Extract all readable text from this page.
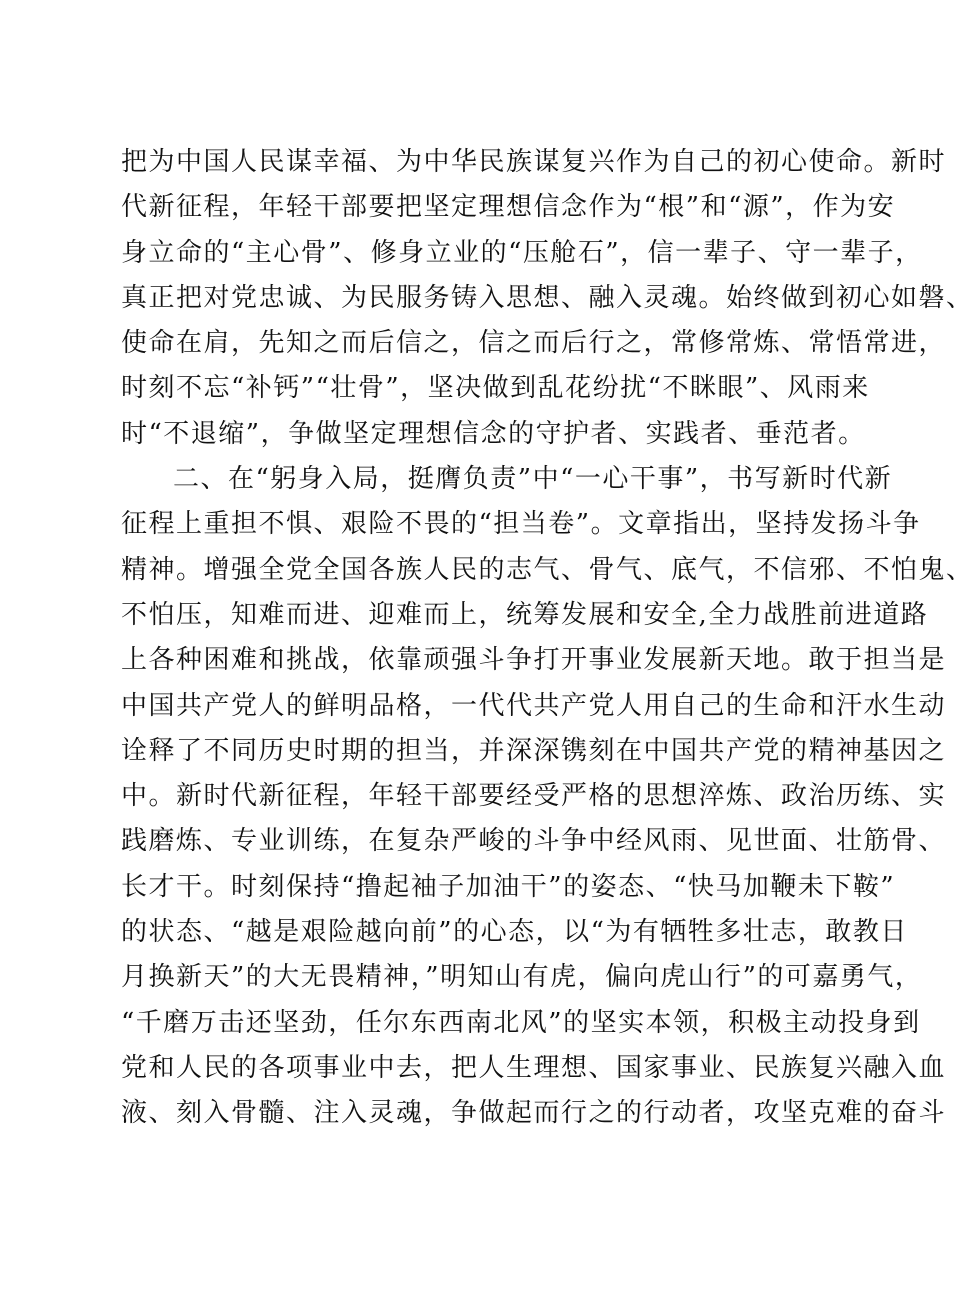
把为中国人民谋幸福、为中华民族谋复兴作为自己的初心使命。新时
代新征程，年轻干部要把坚定理想信念作为“根”和“源”，作为安
身立命的“主心骨”、修身立业的“压舱石”，信一辈子、守一辈子，
真正把对党忠诚、为民服务铸入思想、融入灵魂。始终做到初心如磐、
使命在肩，先知之而后信之，信之而后行之，常修常炼、常悟常进，
时刻不忘“补钙”“壮骨”，坚决做到乱花纷扰“不眯眼”、风雨来
时“不退缩”，争做坚定理想信念的守护者、实践者、垂范者。
二、在“躬身入局，挺膺负责”中“一心干事”，书写新时代新
征程上重担不惧、艰险不畏的“担当卷”。文章指出，坚持发扬斗争
精神。增强全党全国各族人民的志气、骨气、底气，不信邪、不怕鬼、
不怕压，知难而进、迎难而上，统筹发展和安全,全力战胜前进道路
上各种困难和挑战，依靠顽强斗争打开事业发展新天地。敢于担当是
中国共产党人的鲜明品格，一代代共产党人用自己的生命和汗水生动
诠释了不同历史时期的担当，并深深镌刻在中国共产党的精神基因之
中。新时代新征程，年轻干部要经受严格的思想淬炼、政治历练、实
践磨炼、专业训练，在复杂严峻的斗争中经风雨、见世面、壮筋骨、
长才干。时刻保持“撸起袖子加油干”的姿态、“快马加鞭未下鞍”
的状态、“越是艰险越向前”的心态，以“为有牺牲多壮志，敢教日
月换新天”的大无畏精神，”明知山有虎，偏向虎山行”的可嘉勇气，
“千磨万击还坚劲，任尔东西南北风”的坚实本领，积极主动投身到
党和人民的各项事业中去，把人生理想、国家事业、民族复兴融入血
液、刻入骨髓、注入灵魂，争做起而行之的行动者，攻坚克难的奋斗
